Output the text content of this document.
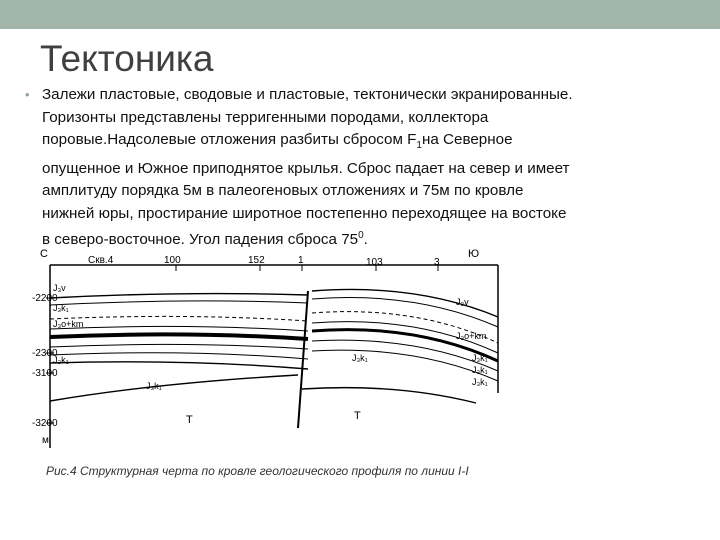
Тектоника
• Залежи пластовые, сводовые и пластовые, тектонически экранированные.
Горизонты представлены терригенными породами, коллектора
поровые.Надсолевые отложения разбиты сбросом $F_1на$ Северное
опущенное и Южное приподнятое крылья. Сброс падает на север и имеет
амплитуду порядка 5м в палеогеновых отложениях и 75м по кровле
нижней юры, простирание широтное постепенно переходящее на востоке
в северо-восточное. Угол падения сброса $75^0$.
С	Ю
Скв.4	100	152	1	103	3
-2200
-2300
-3100
-3200
м
J₃v
J₃k₁
J₃o+km
J₃k₁
J₃k₁
J₃k₁
T	T
J₃v
J₃o+km
J₃k₁
J₃k₁
J₃k₁
Рис.4 Структурная черта по кровле геологического профиля по линии I-I
